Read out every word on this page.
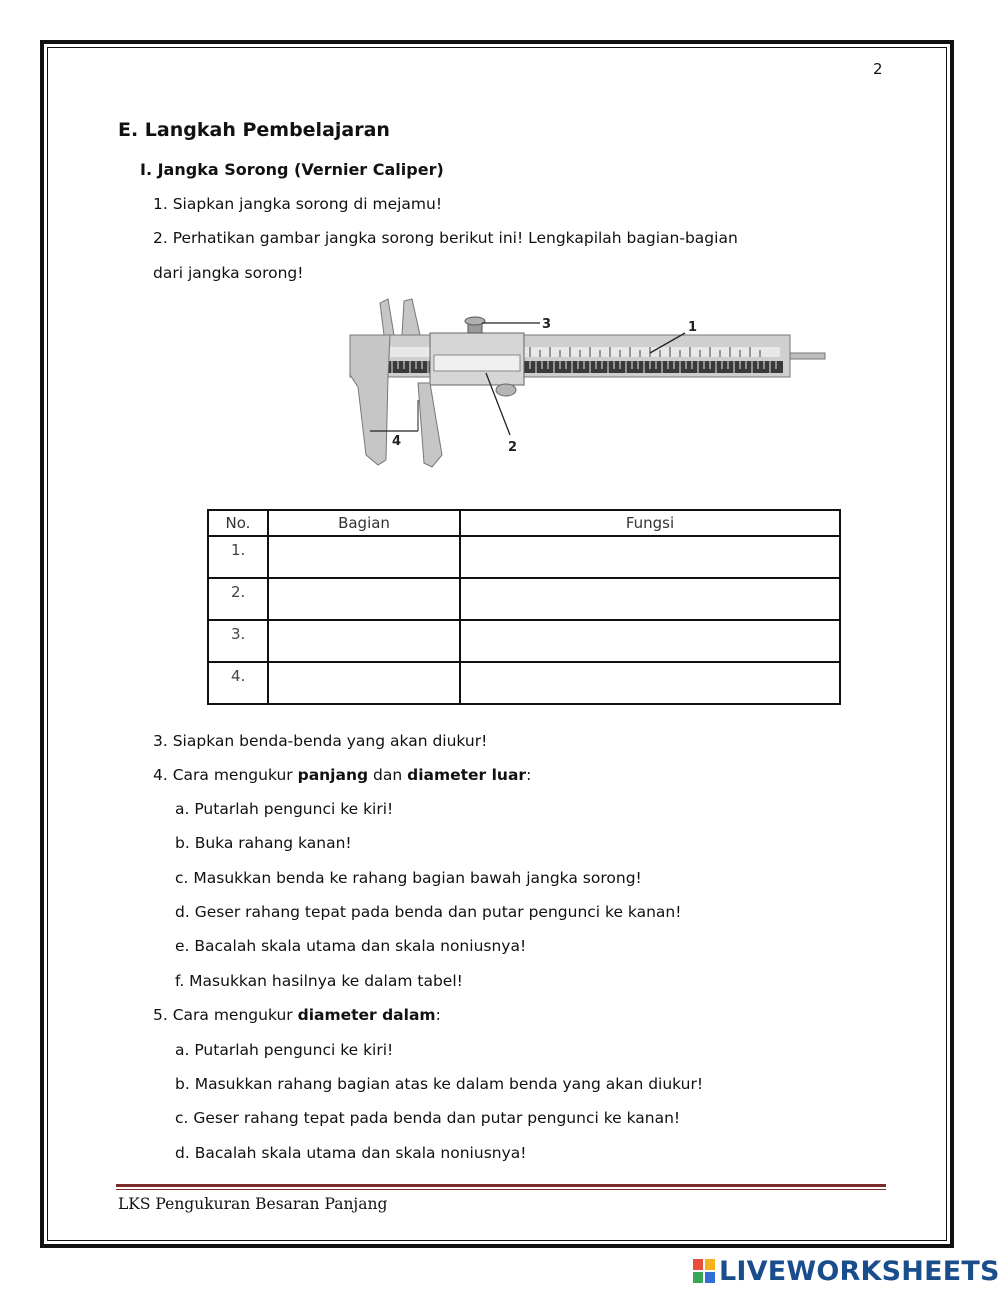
2
E. Langkah Pembelajaran
I. Jangka Sorong (Vernier Caliper)
1. Siapkan jangka sorong di mejamu!
2. Perhatikan gambar jangka sorong berikut ini! Lengkapilah bagian-bagian
dari jangka sorong!
1
2
3
4
No.	Bagian	Fungsi
1.		
2.		
3.		
4.		
3. Siapkan benda-benda yang akan diukur!
4. Cara mengukur panjang dan diameter luar:
a. Putarlah pengunci ke kiri!
b. Buka rahang kanan!
c. Masukkan benda ke rahang bagian bawah jangka sorong!
d. Geser rahang tepat pada benda dan putar pengunci ke kanan!
e. Bacalah skala utama dan skala noniusnya!
f. Masukkan hasilnya ke dalam tabel!
5. Cara mengukur diameter dalam:
a. Putarlah pengunci ke kiri!
b. Masukkan rahang bagian atas ke dalam benda yang akan diukur!
c. Geser rahang tepat pada benda dan putar pengunci ke kanan!
d. Bacalah skala utama dan skala noniusnya!
LKS Pengukuran Besaran Panjang
LIVEWORKSHEETS
